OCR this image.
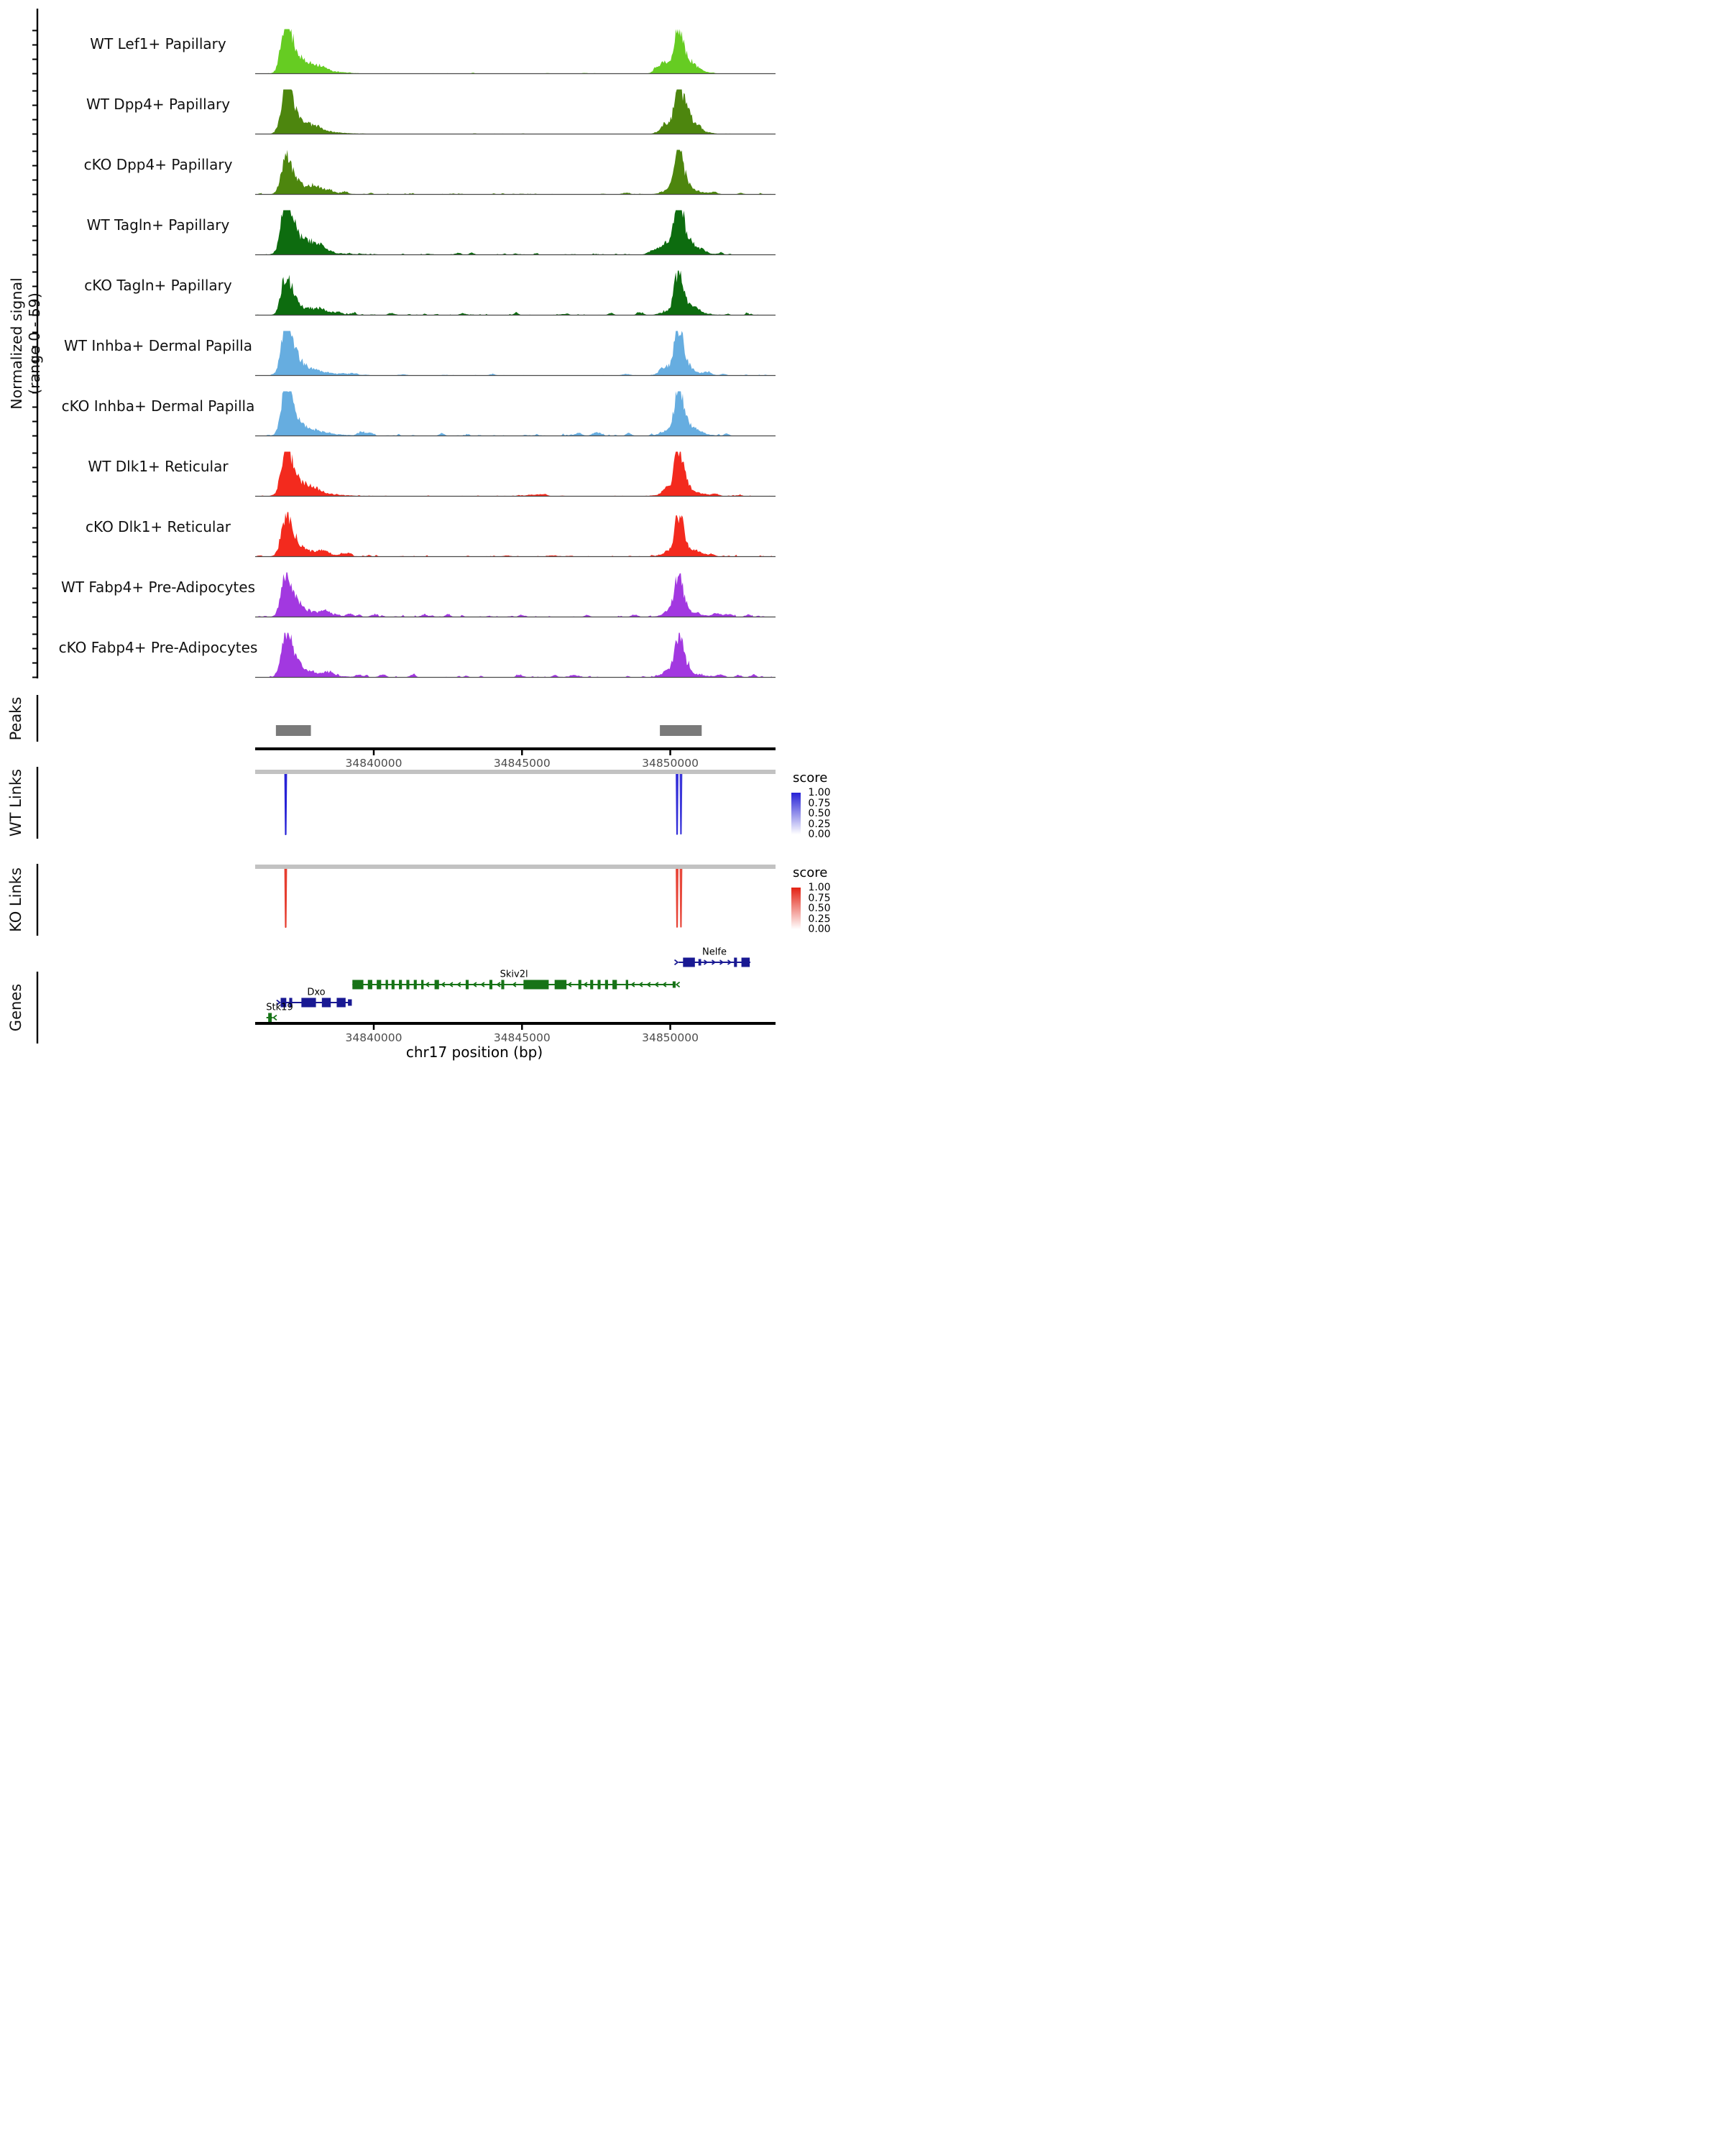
Normalized signal (range 0 - 59)
Peaks
WT Links
KO Links
Genes
chr17 position (bp)
score
score
WT Lef1+ Papillary
WT Dpp4+ Papillary
cKO Dpp4+ Papillary
WT Tagln+ Papillary
cKO Tagln+ Papillary
WT Inhba+ Dermal Papilla
cKO Inhba+ Dermal Papilla
WT Dlk1+ Reticular
cKO Dlk1+ Reticular
WT Fabp4+ Pre-Adipocytes
cKO Fabp4+ Pre-Adipocytes
34840000	34845000	34850000
1.00
0.75
0.50
0.25
0.00
1.00
0.75
0.50
0.25
0.00
Nelfe
Skiv2l
Dxo
Stk19
34840000	34845000	34850000
